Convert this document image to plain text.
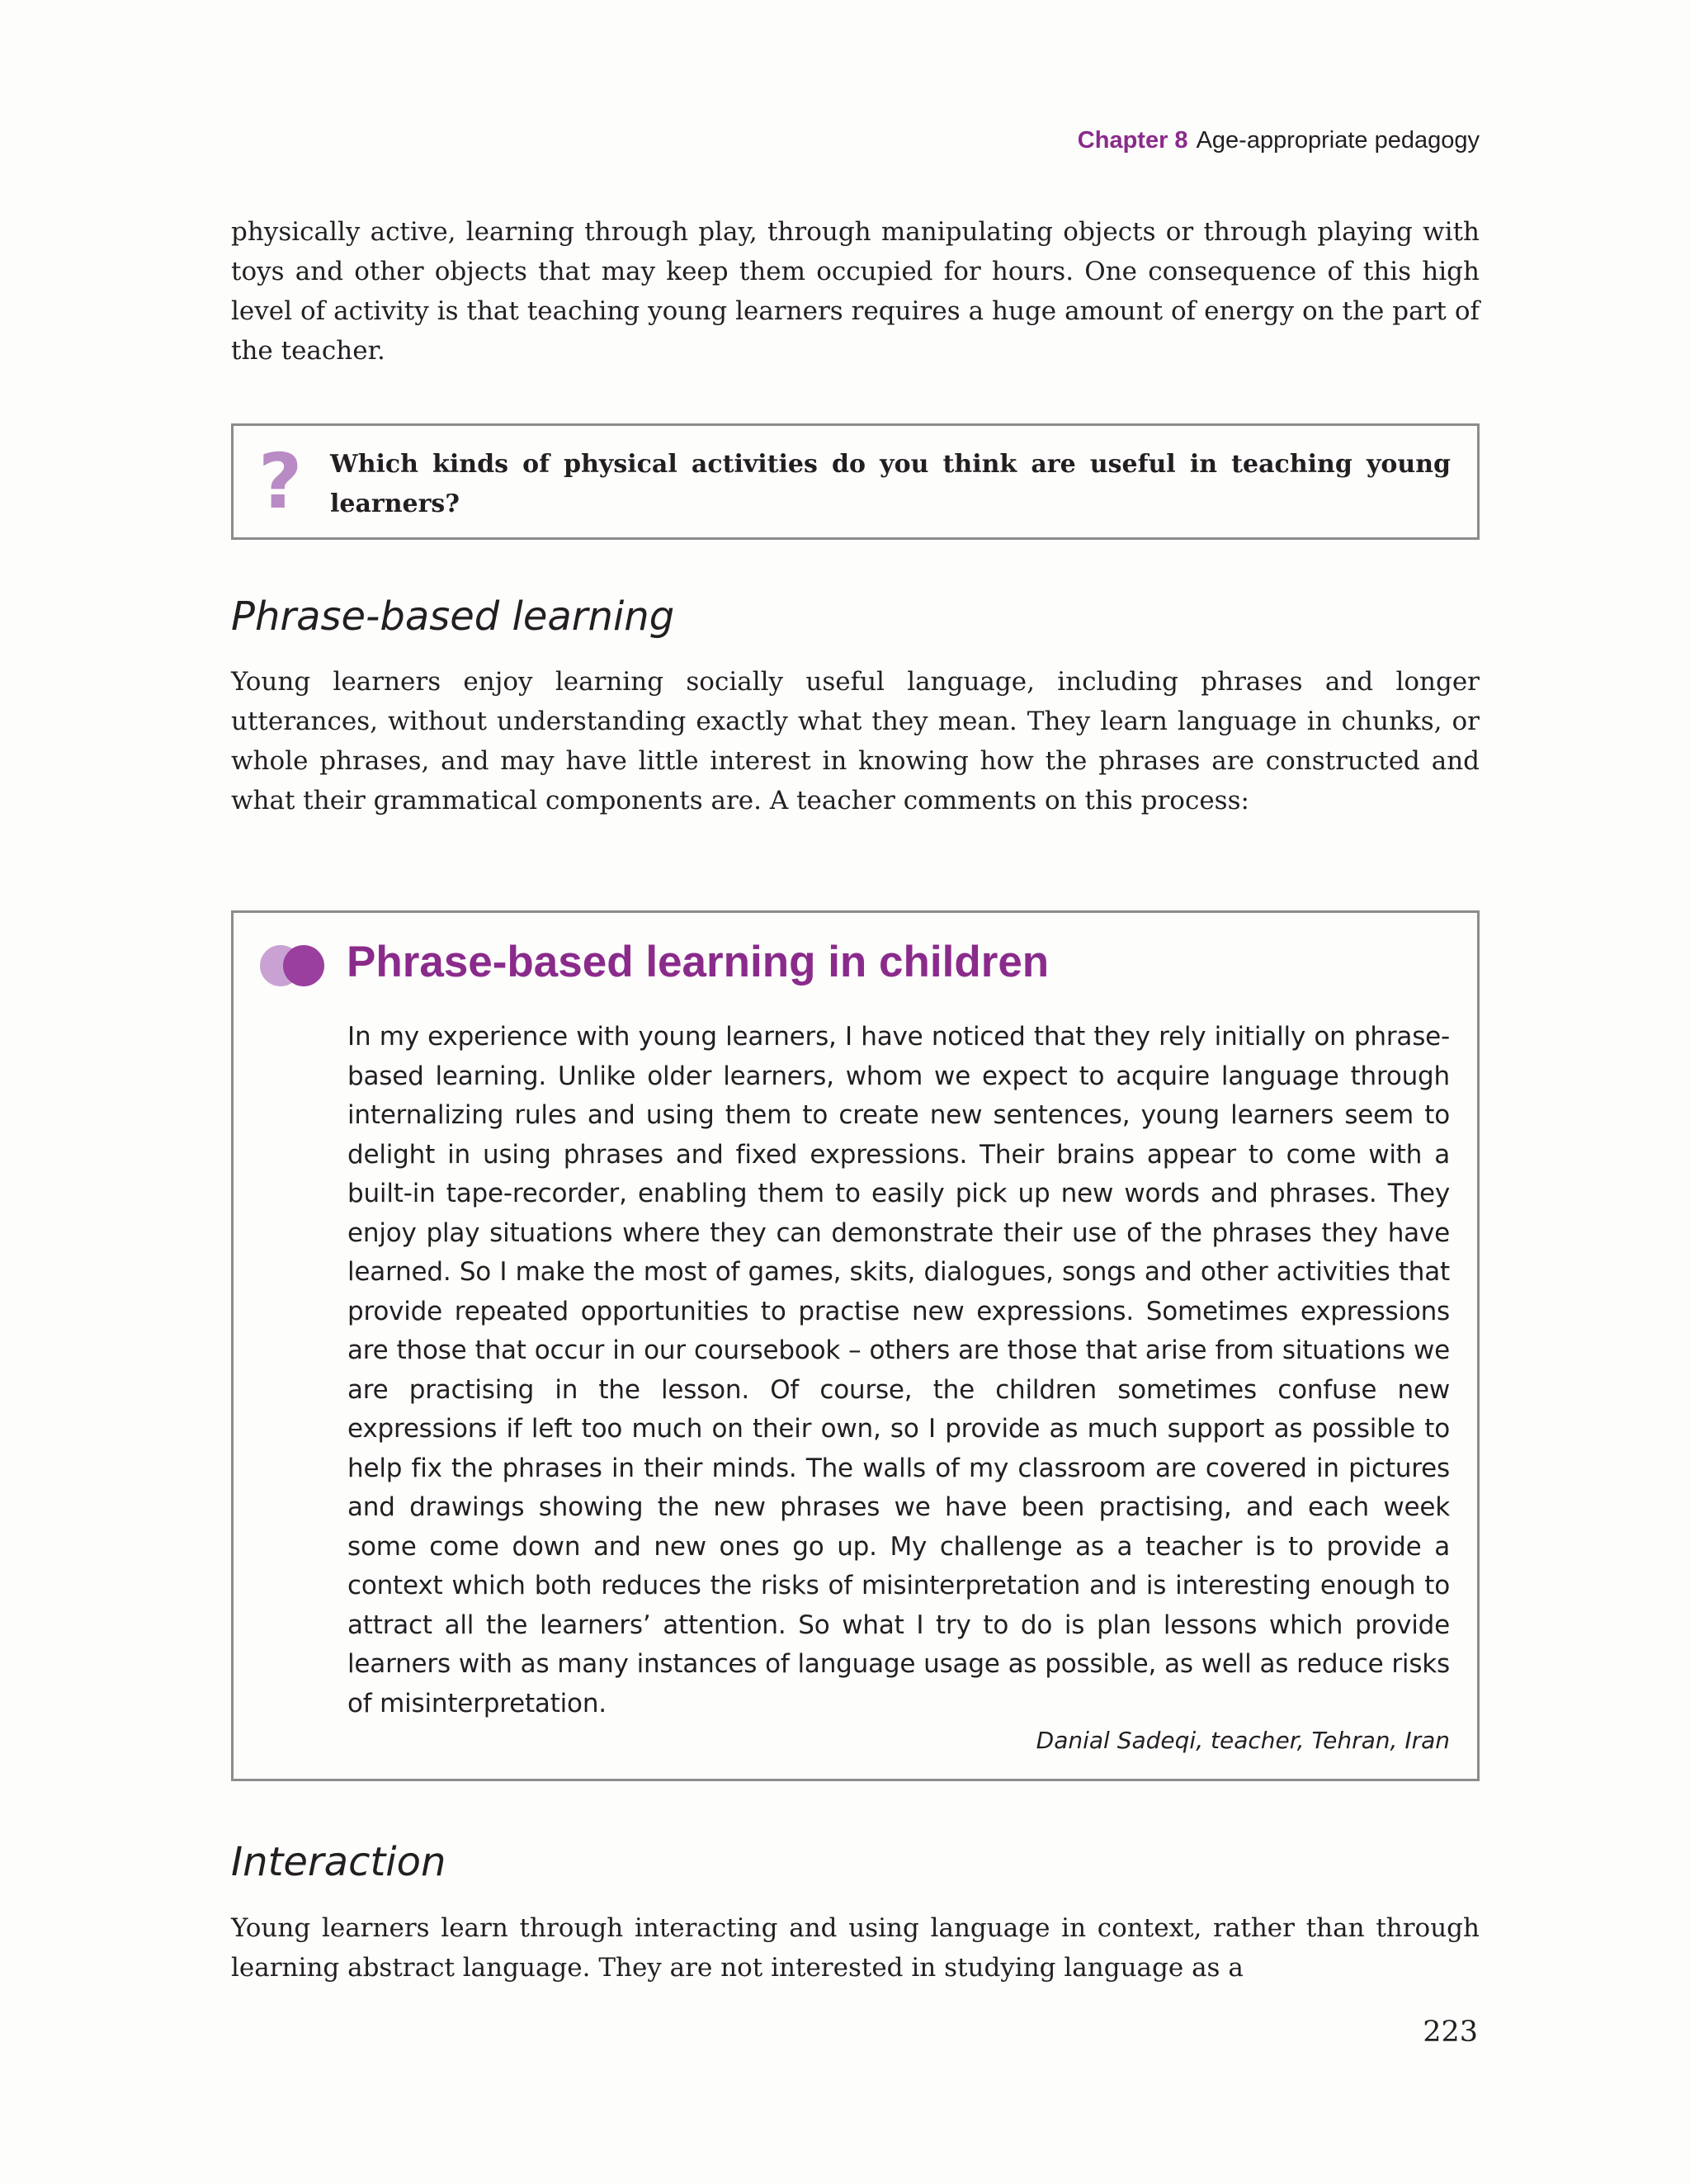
Chapter 8 Age-appropriate pedagogy

physically active, learning through play, through manipulating objects or through playing with toys and other objects that may keep them occupied for hours. One consequence of this high level of activity is that teaching young learners requires a huge amount of energy on the part of the teacher.

? Which kinds of physical activities do you think are useful in teaching young learners?

Phrase-based learning

Young learners enjoy learning socially useful language, including phrases and longer utterances, without understanding exactly what they mean. They learn language in chunks, or whole phrases, and may have little interest in knowing how the phrases are constructed and what their grammatical components are. A teacher comments on this process:

Phrase-based learning in children

In my experience with young learners, I have noticed that they rely initially on phrase-based learning. Unlike older learners, whom we expect to acquire language through internalizing rules and using them to create new sentences, young learners seem to delight in using phrases and fixed expressions. Their brains appear to come with a built-in tape-recorder, enabling them to easily pick up new words and phrases. They enjoy play situations where they can demonstrate their use of the phrases they have learned. So I make the most of games, skits, dialogues, songs and other activities that provide repeated opportunities to practise new expressions. Sometimes expressions are those that occur in our coursebook – others are those that arise from situations we are practising in the lesson. Of course, the children sometimes confuse new expressions if left too much on their own, so I provide as much support as possible to help fix the phrases in their minds. The walls of my classroom are covered in pictures and drawings showing the new phrases we have been practising, and each week some come down and new ones go up. My challenge as a teacher is to provide a context which both reduces the risks of misinterpretation and is interesting enough to attract all the learners’ attention. So what I try to do is plan lessons which provide learners with as many instances of language usage as possible, as well as reduce risks of misinterpretation.

Danial Sadeqi, teacher, Tehran, Iran

Interaction

Young learners learn through interacting and using language in context, rather than through learning abstract language. They are not interested in studying language as a

223
